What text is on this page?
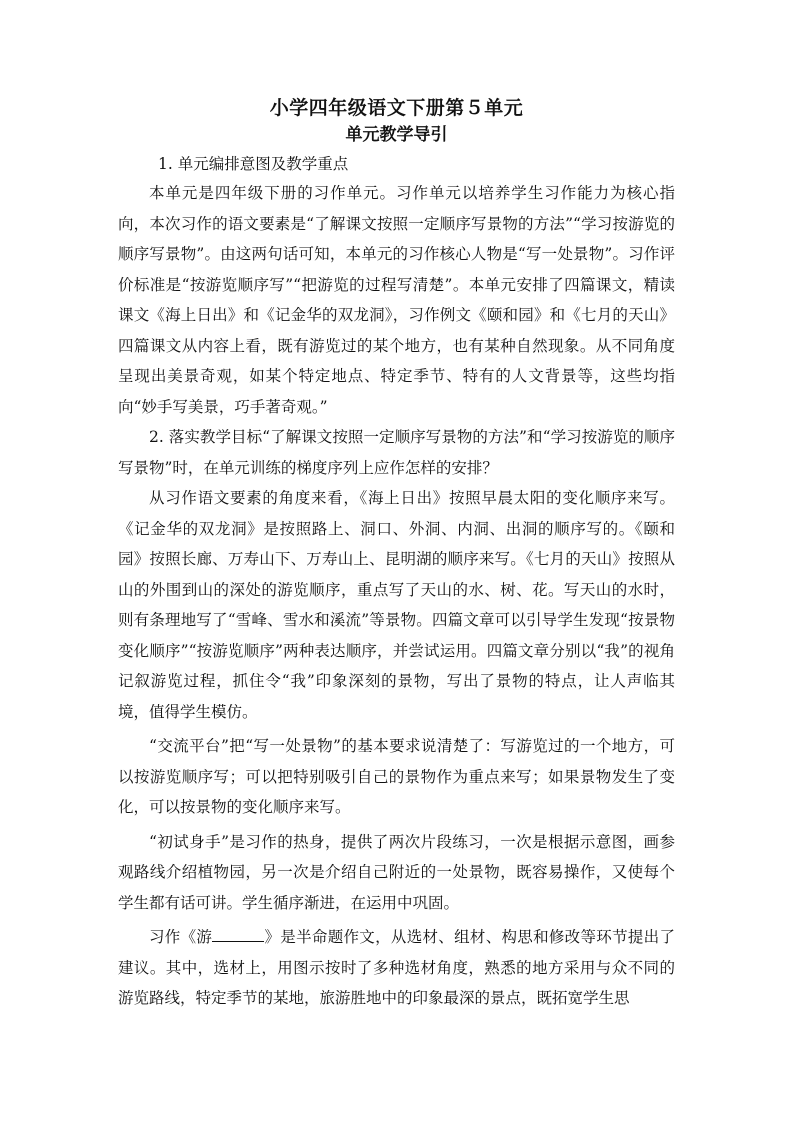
小学四年级语文下册第５单元
单元教学导引

1. 单元编排意图及教学重点

本单元是四年级下册的习作单元。习作单元以培养学生习作能力为核心指向，本次习作的语文要素是“了解课文按照一定顺序写景物的方法”“学习按游览的顺序写景物”。由这两句话可知，本单元的习作核心人物是“写一处景物”。习作评价标准是“按游览顺序写”“把游览的过程写清楚”。本单元安排了四篇课文，精读课文《海上日出》和《记金华的双龙洞》，习作例文《颐和园》和《七月的天山》四篇课文从内容上看，既有游览过的某个地方，也有某种自然现象。从不同角度呈现出美景奇观，如某个特定地点、特定季节、特有的人文背景等，这些均指向“妙手写美景，巧手著奇观。”

2. 落实教学目标“了解课文按照一定顺序写景物的方法”和“学习按游览的顺序写景物”时，在单元训练的梯度序列上应作怎样的安排？

从习作语文要素的角度来看，《海上日出》按照早晨太阳的变化顺序来写。《记金华的双龙洞》是按照路上、洞口、外洞、内洞、出洞的顺序写的。《颐和园》按照长廊、万寿山下、万寿山上、昆明湖的顺序来写。《七月的天山》按照从山的外围到山的深处的游览顺序，重点写了天山的水、树、花。写天山的水时，则有条理地写了“雪峰、雪水和溪流”等景物。四篇文章可以引导学生发现“按景物变化顺序”“按游览顺序”两种表达顺序，并尝试运用。四篇文章分别以“我”的视角记叙游览过程，抓住令“我”印象深刻的景物，写出了景物的特点，让人声临其境，值得学生模仿。

“交流平台”把“写一处景物”的基本要求说清楚了：写游览过的一个地方，可以按游览顺序写；可以把特别吸引自己的景物作为重点来写；如果景物发生了变化，可以按景物的变化顺序来写。

“初试身手”是习作的热身，提供了两次片段练习，一次是根据示意图，画参观路线介绍植物园，另一次是介绍自己附近的一处景物，既容易操作，又使每个学生都有话可讲。学生循序渐进，在运用中巩固。

习作《游	》是半命题作文，从选材、组材、构思和修改等环节提出了建议。其中，选材上，用图示按时了多种选材角度，熟悉的地方采用与众不同的游览路线，特定季节的某地，旅游胜地中的印象最深的景点，既拓宽学生思
